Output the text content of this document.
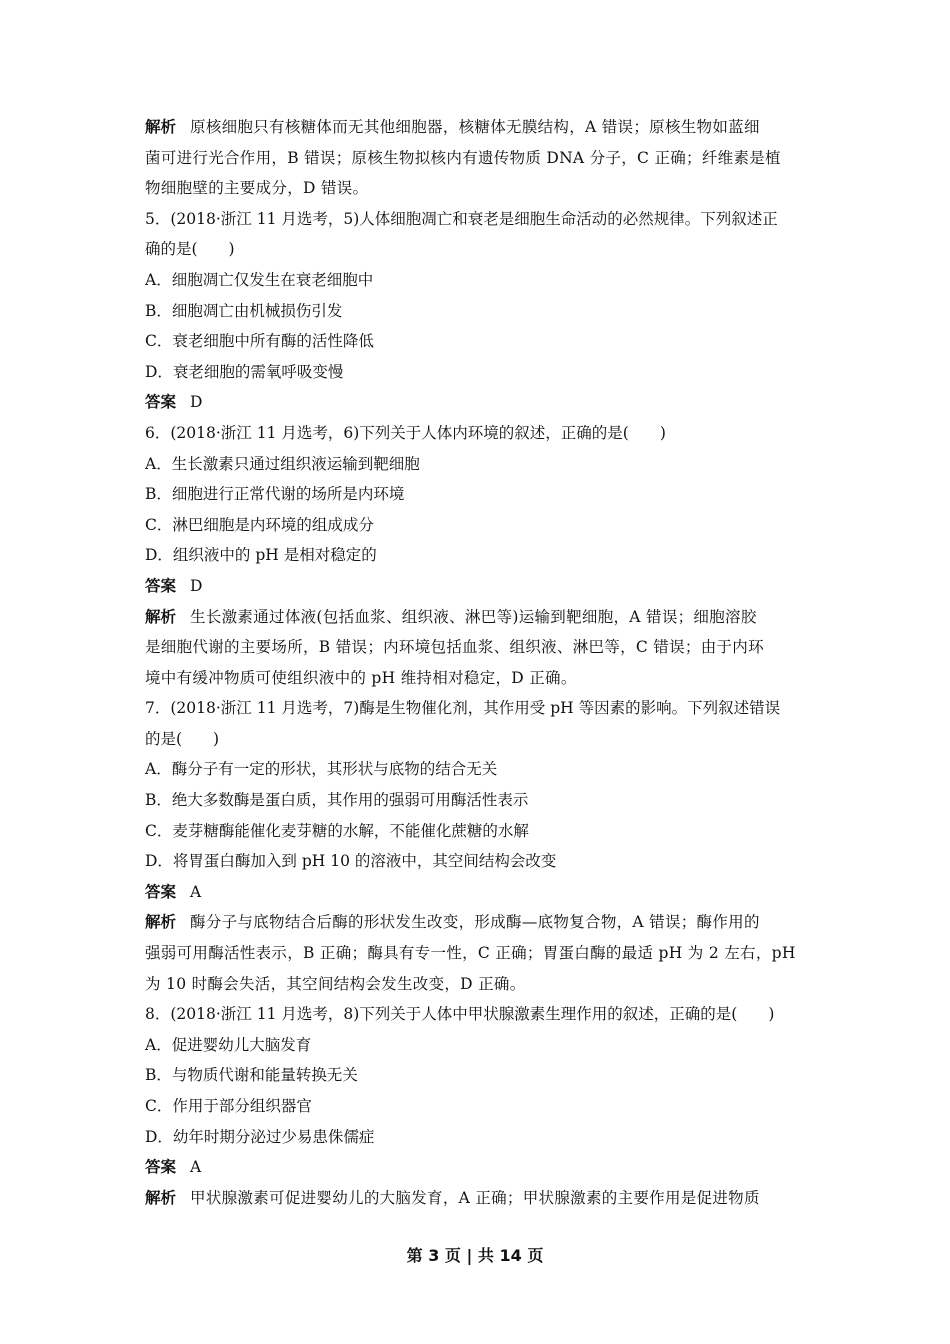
解析 原核细胞只有核糖体而无其他细胞器，核糖体无膜结构，A 错误；原核生物如蓝细
菌可进行光合作用，B 错误；原核生物拟核内有遗传物质 DNA 分子，C 正确；纤维素是植
物细胞壁的主要成分，D 错误。
5．(2018·浙江 11 月选考，5)人体细胞凋亡和衰老是细胞生命活动的必然规律。下列叙述正
确的是(　　)
A．细胞凋亡仅发生在衰老细胞中
B．细胞凋亡由机械损伤引发
C．衰老细胞中所有酶的活性降低
D．衰老细胞的需氧呼吸变慢
答案 D
6．(2018·浙江 11 月选考，6)下列关于人体内环境的叙述，正确的是(　　)
A．生长激素只通过组织液运输到靶细胞
B．细胞进行正常代谢的场所是内环境
C．淋巴细胞是内环境的组成成分
D．组织液中的 pH 是相对稳定的
答案 D
解析 生长激素通过体液(包括血浆、组织液、淋巴等)运输到靶细胞，A 错误；细胞溶胶
是细胞代谢的主要场所，B 错误；内环境包括血浆、组织液、淋巴等，C 错误；由于内环
境中有缓冲物质可使组织液中的 pH 维持相对稳定，D 正确。
7．(2018·浙江 11 月选考，7)酶是生物催化剂，其作用受 pH 等因素的影响。下列叙述错误
的是(　　)
A．酶分子有一定的形状，其形状与底物的结合无关
B．绝大多数酶是蛋白质，其作用的强弱可用酶活性表示
C．麦芽糖酶能催化麦芽糖的水解，不能催化蔗糖的水解
D．将胃蛋白酶加入到 pH 10 的溶液中，其空间结构会改变
答案 A
解析 酶分子与底物结合后酶的形状发生改变，形成酶—底物复合物，A 错误；酶作用的
强弱可用酶活性表示，B 正确；酶具有专一性，C 正确；胃蛋白酶的最适 pH 为 2 左右，pH
为 10 时酶会失活，其空间结构会发生改变，D 正确。
8．(2018·浙江 11 月选考，8)下列关于人体中甲状腺激素生理作用的叙述，正确的是(　　)
A．促进婴幼儿大脑发育
B．与物质代谢和能量转换无关
C．作用于部分组织器官
D．幼年时期分泌过少易患侏儒症
答案 A
解析 甲状腺激素可促进婴幼儿的大脑发育，A 正确；甲状腺激素的主要作用是促进物质
第 3 页 | 共 14 页
